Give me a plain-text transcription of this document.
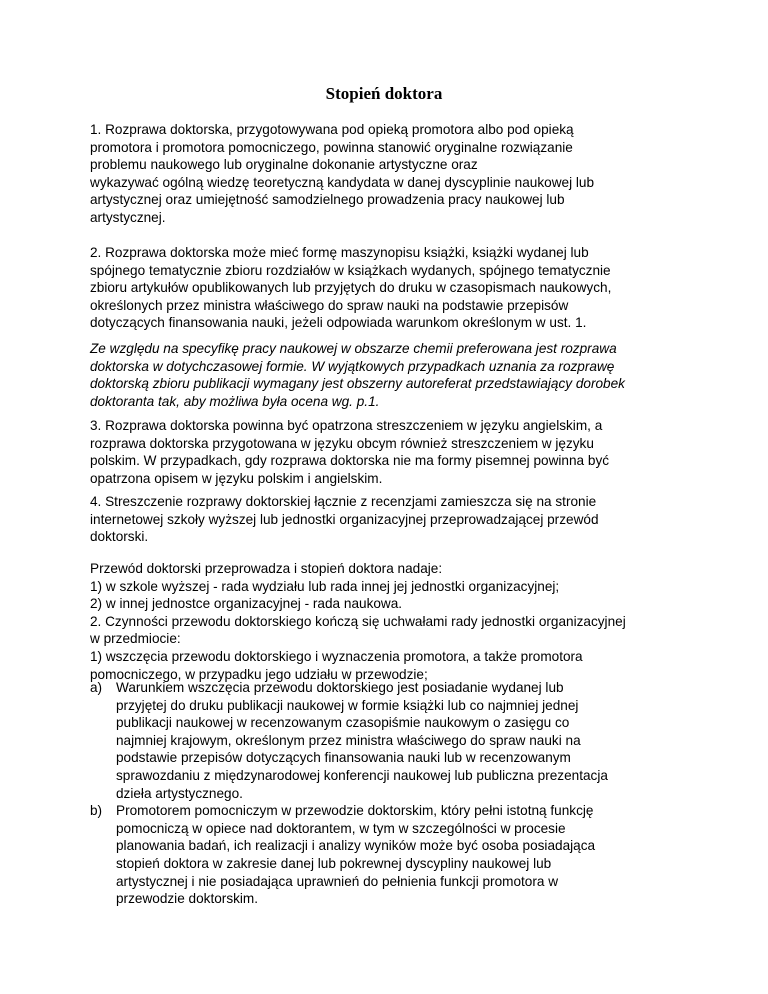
Stopień doktora

1. Rozprawa doktorska, przygotowywana pod opieką promotora albo pod opieką
promotora i promotora pomocniczego, powinna stanowić oryginalne rozwiązanie
problemu naukowego lub oryginalne dokonanie artystyczne oraz
wykazywać ogólną wiedzę teoretyczną kandydata w danej dyscyplinie naukowej lub
artystycznej oraz umiejętność samodzielnego prowadzenia pracy naukowej lub
artystycznej.

2. Rozprawa doktorska może mieć formę maszynopisu książki, książki wydanej lub
spójnego tematycznie zbioru rozdziałów w książkach wydanych, spójnego tematycznie
zbioru artykułów opublikowanych lub przyjętych do druku w czasopismach naukowych,
określonych przez ministra właściwego do spraw nauki na podstawie przepisów
dotyczących finansowania nauki, jeżeli odpowiada warunkom określonym w ust. 1.

Ze względu na specyfikę pracy naukowej w obszarze chemii preferowana jest rozprawa
doktorska w dotychczasowej formie. W wyjątkowych przypadkach uznania za rozprawę
doktorską zbioru publikacji wymagany jest obszerny autoreferat przedstawiający dorobek
doktoranta tak, aby możliwa była ocena wg. p.1.

3. Rozprawa doktorska powinna być opatrzona streszczeniem w języku angielskim, a
rozprawa doktorska przygotowana w języku obcym również streszczeniem w języku
polskim. W przypadkach, gdy rozprawa doktorska nie ma formy pisemnej powinna być
opatrzona opisem w języku polskim i angielskim.

4. Streszczenie rozprawy doktorskiej łącznie z recenzjami zamieszcza się na stronie
internetowej szkoły wyższej lub jednostki organizacyjnej przeprowadzającej przewód
doktorski.

Przewód doktorski przeprowadza i stopień doktora nadaje:
1) w szkole wyższej - rada wydziału lub rada innej jej jednostki organizacyjnej;
2) w innej jednostce organizacyjnej - rada naukowa.
2. Czynności przewodu doktorskiego kończą się uchwałami rady jednostki organizacyjnej
w przedmiocie:
1) wszczęcia przewodu doktorskiego i wyznaczenia promotora, a także promotora
pomocniczego, w przypadku jego udziału w przewodzie;

a) Warunkiem wszczęcia przewodu doktorskiego jest posiadanie wydanej lub
przyjętej do druku publikacji naukowej w formie książki lub co najmniej jednej
publikacji naukowej w recenzowanym czasopiśmie naukowym o zasięgu co
najmniej krajowym, określonym przez ministra właściwego do spraw nauki na
podstawie przepisów dotyczących finansowania nauki lub w recenzowanym
sprawozdaniu z międzynarodowej konferencji naukowej lub publiczna prezentacja
dzieła artystycznego.
b) Promotorem pomocniczym w przewodzie doktorskim, który pełni istotną funkcję
pomocniczą w opiece nad doktorantem, w tym w szczególności w procesie
planowania badań, ich realizacji i analizy wyników może być osoba posiadająca
stopień doktora w zakresie danej lub pokrewnej dyscypliny naukowej lub
artystycznej i nie posiadająca uprawnień do pełnienia funkcji promotora w
przewodzie doktorskim.
